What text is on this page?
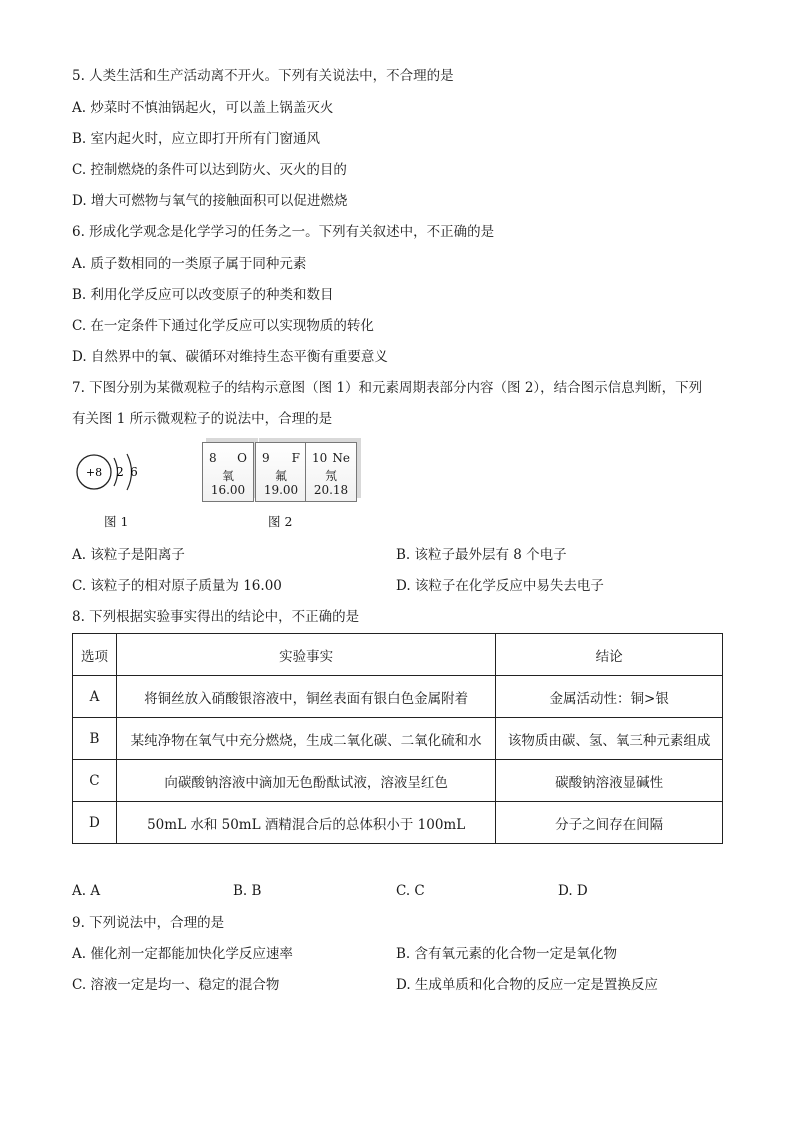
5. 人类生活和生产活动离不开火。下列有关说法中，不合理的是
A. 炒菜时不慎油锅起火，可以盖上锅盖灭火
B. 室内起火时，应立即打开所有门窗通风
C. 控制燃烧的条件可以达到防火、灭火的目的
D. 增大可燃物与氧气的接触面积可以促进燃烧
6. 形成化学观念是化学学习的任务之一。下列有关叙述中，不正确的是
A. 质子数相同的一类原子属于同种元素
B. 利用化学反应可以改变原子的种类和数目
C. 在一定条件下通过化学反应可以实现物质的转化
D. 自然界中的氧、碳循环对维持生态平衡有重要意义
7. 下图分别为某微观粒子的结构示意图（图 1）和元素周期表部分内容（图 2），结合图示信息判断，下列
有关图 1 所示微观粒子的说法中，合理的是
+8 2 6
图 1
8 O
氧
16.00
9 F
氟
19.00
10 Ne
氖
20.18
图 2
A. 该粒子是阳离子	B. 该粒子最外层有 8 个电子
C. 该粒子的相对原子质量为 16.00	D. 该粒子在化学反应中易失去电子
8. 下列根据实验事实得出的结论中，不正确的是
选项	实验事实	结论
A	将铜丝放入硝酸银溶液中，铜丝表面有银白色金属附着	金属活动性：铜>银
B	某纯净物在氧气中充分燃烧，生成二氧化碳、二氧化硫和水	该物质由碳、氢、氧三种元素组成
C	向碳酸钠溶液中滴加无色酚酞试液，溶液呈红色	碳酸钠溶液显碱性
D	50mL 水和 50mL 酒精混合后的总体积小于 100mL	分子之间存在间隔
A. A	B. B	C. C	D. D
9. 下列说法中，合理的是
A. 催化剂一定都能加快化学反应速率	B. 含有氧元素的化合物一定是氧化物
C. 溶液一定是均一、稳定的混合物	D. 生成单质和化合物的反应一定是置换反应
